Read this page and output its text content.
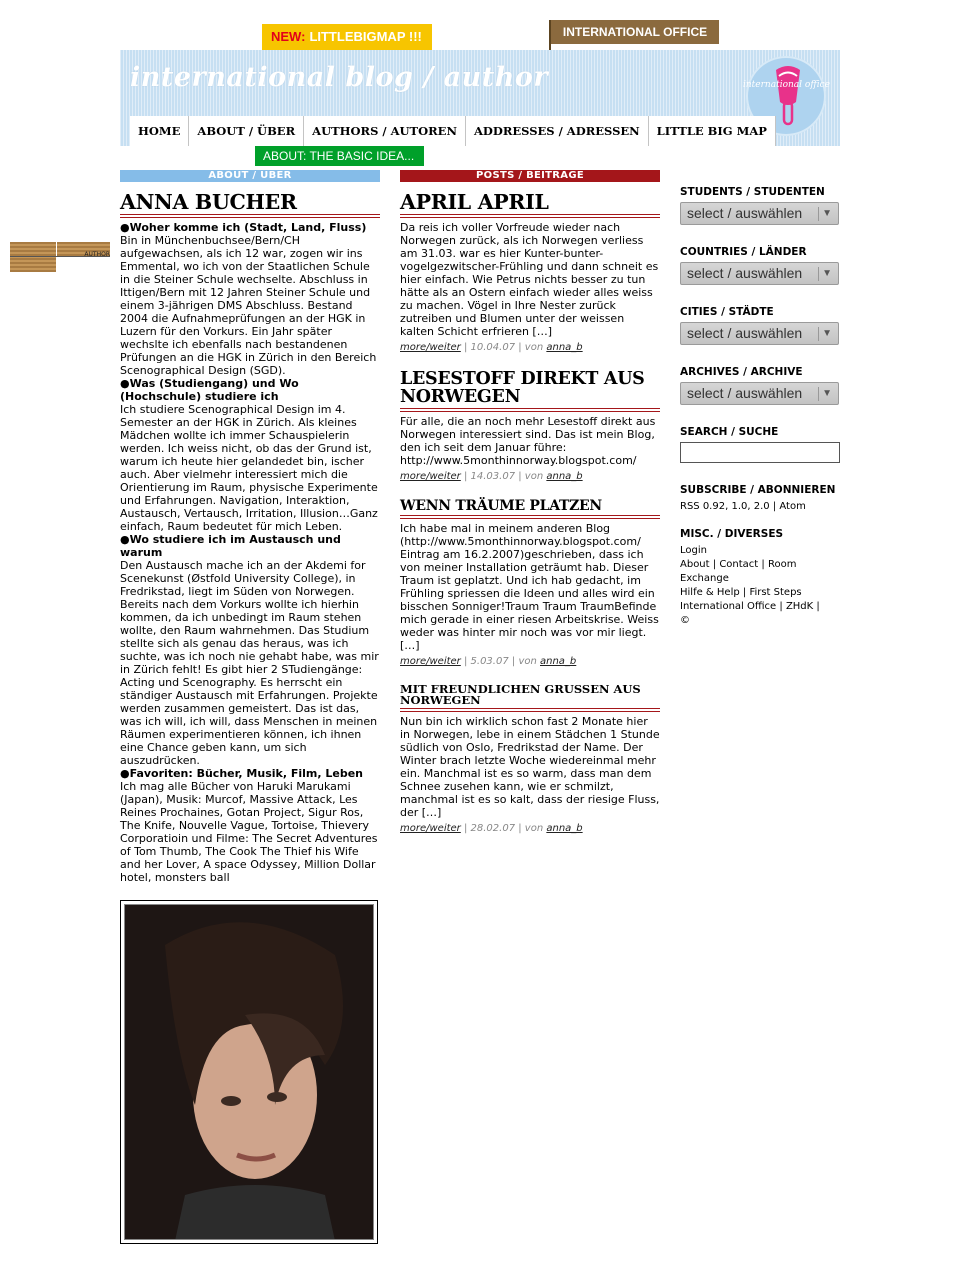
NEW: LITTLEBIGMAP !!!	INTERNATIONAL OFFICE
international blog / author	international office
HOME	ABOUT / ÜBER	AUTHORS / AUTOREN	ADDRESSES / ADRESSEN	LITTLE BIG MAP
ABOUT: THE BASIC IDEA...
AUTHOR
ABOUT / ÜBER
ANNA BUCHER
●Woher komme ich (Stadt, Land, Fluss)
Bin in Münchenbuchsee/Bern/CH aufgewachsen, als ich 12 war, zogen wir ins Emmental, wo ich von der Staatlichen Schule in die Steiner Schule wechselte. Abschluss in Ittigen/Bern mit 12 Jahren Steiner Schule und einem 3-jährigen DMS Abschluss. Bestand 2004 die Aufnahmeprüfungen an der HGK in Luzern für den Vorkurs. Ein Jahr später wechslte ich ebenfalls nach bestandenen Prüfungen an die HGK in Zürich in den Bereich Scenographical Design (SGD).
●Was (Studiengang) und Wo (Hochschule) studiere ich
Ich studiere Scenographical Design im 4. Semester an der HGK in Zürich. Als kleines Mädchen wollte ich immer Schauspielerin werden. Ich weiss nicht, ob das der Grund ist, warum ich heute hier gelandedet bin, ischer auch. Aber vielmehr interessiert mich die Orientierung im Raum, physische Experimente und Erfahrungen. Navigation, Interaktion, Austausch, Vertausch, Irritation, Illusion…Ganz einfach, Raum bedeutet für mich Leben.
●Wo studiere ich im Austausch und warum
Den Austausch mache ich an der Akdemi for Scenekunst (Østfold University College), in Fredrikstad, liegt im Süden von Norwegen. Bereits nach dem Vorkurs wollte ich hierhin kommen, da ich unbedingt im Raum stehen wollte, den Raum wahrnehmen. Das Studium stellte sich als genau das heraus, was ich suchte, was ich noch nie gehabt habe, was mir in Zürich fehlt! Es gibt hier 2 STudiengänge: Acting und Scenography. Es herrscht ein ständiger Austausch mit Erfahrungen. Projekte werden zusammen gemeistert. Das ist das, was ich will, ich will, dass Menschen in meinen Räumen experimentieren können, ich ihnen eine Chance geben kann, um sich auszudrücken.
●Favoriten: Bücher, Musik, Film, Leben
Ich mag alle Bücher von Haruki Marukami (Japan), Musik: Murcof, Massive Attack, Les Reines Prochaines, Gotan Project, Sigur Ros, The Knife, Nouvelle Vague, Tortoise, Thievery Corporatioin und Filme: The Secret Adventures of Tom Thumb, The Cook The Thief his Wife and her Lover, A space Odyssey, Million Dollar hotel, monsters ball
POSTS / BEITRÄGE
APRIL APRIL
Da reis ich voller Vorfreude wieder nach Norwegen zurück, als ich Norwegen verliess am 31.03. war es hier Kunter-bunter-vogelgezwitscher-Frühling und dann schneit es hier einfach. Wie Petrus nichts besser zu tun hätte als an Ostern einfach wieder alles weiss zu machen. Vögel in Ihre Nester zurück zutreiben und Blumen unter der weissen kalten Schicht erfrieren […]
more/weiter | 10.04.07 | von anna_b
LESESTOFF DIREKT AUS NORWEGEN
Für alle, die an noch mehr Lesestoff direkt aus Norwegen interessiert sind. Das ist mein Blog, den ich seit dem Januar führe: http://www.5monthinnorway.blogspot.com/
more/weiter | 14.03.07 | von anna_b
WENN TRÄUME PLATZEN
Ich habe mal in meinem anderen Blog (http://www.5monthinnorway.blogspot.com/ Eintrag am 16.2.2007)geschrieben, dass ich von meiner Installation geträumt hab. Dieser Traum ist geplatzt. Und ich hab gedacht, im Frühling spriessen die Ideen und alles wird ein bisschen Sonniger!Traum Traum TraumBefinde mich gerade in einer riesen Arbeitskrise. Weiss weder was hinter mir noch was vor mir liegt. […]
more/weiter | 5.03.07 | von anna_b
MIT FREUNDLICHEN GRUSSEN AUS NORWEGEN
Nun bin ich wirklich schon fast 2 Monate hier in Norwegen, lebe in einem Städchen 1 Stunde südlich von Oslo, Fredrikstad der Name. Der Winter brach letzte Woche wiedereinmal mehr ein. Manchmal ist es so warm, dass man dem Schnee zusehen kann, wie er schmilzt, manchmal ist es so kalt, dass der riesige Fluss, der […]
more/weiter | 28.02.07 | von anna_b
STUDENTS / STUDENTEN
select / auswählen	▼
COUNTRIES / LÄNDER
select / auswählen	▼
CITIES / STÄDTE
select / auswählen	▼
ARCHIVES / ARCHIVE
select / auswählen	▼
SEARCH / SUCHE
SUBSCRIBE / ABONNIEREN
RSS 0.92, 1.0, 2.0 | Atom
MISC. / DIVERSES
Login
About | Contact | Room Exchange
Hilfe & Help | First Steps
International Office | ZHdK |
©
